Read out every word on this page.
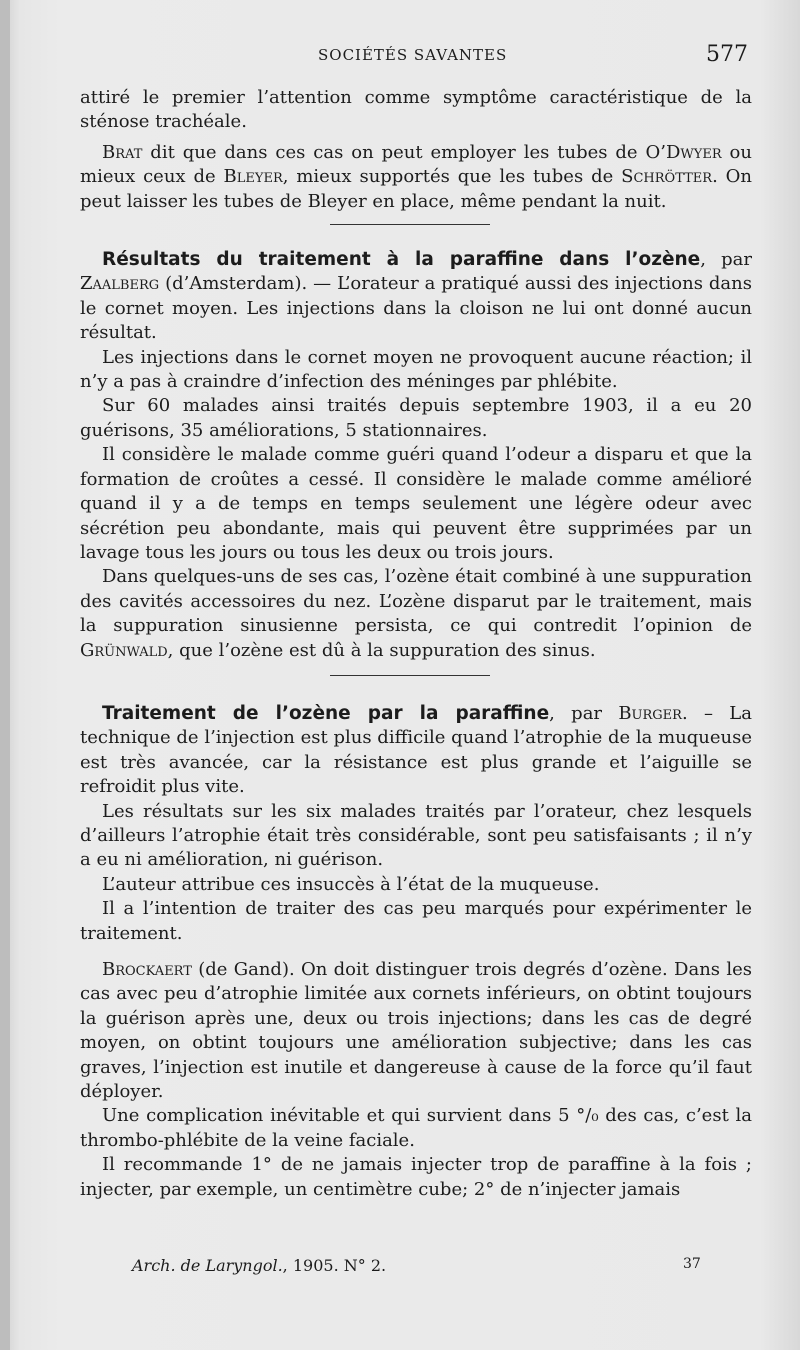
SOCIÉTÉS SAVANTES	577

attiré le premier l’attention comme symptôme caractéristique de la sténose trachéale.

Brat dit que dans ces cas on peut employer les tubes de O’Dwyer ou mieux ceux de Bleyer, mieux supportés que les tubes de Schrötter. On peut laisser les tubes de Bleyer en place, même pendant la nuit.

Résultats du traitement à la paraffine dans l’ozène, par Zaalberg (d’Amsterdam). — L’orateur a pratiqué aussi des injections dans le cornet moyen. Les injections dans la cloison ne lui ont donné aucun résultat.

Les injections dans le cornet moyen ne provoquent aucune réaction; il n’y a pas à craindre d’infection des méninges par phlébite.

Sur 60 malades ainsi traités depuis septembre 1903, il a eu 20 guérisons, 35 améliorations, 5 stationnaires.

Il considère le malade comme guéri quand l’odeur a disparu et que la formation de croûtes a cessé. Il considère le malade comme amélioré quand il y a de temps en temps seulement une légère odeur avec sécrétion peu abondante, mais qui peuvent être supprimées par un lavage tous les jours ou tous les deux ou trois jours.

Dans quelques-uns de ses cas, l’ozène était combiné à une suppuration des cavités accessoires du nez. L’ozène disparut par le traitement, mais la suppuration sinusienne persista, ce qui contredit l’opinion de Grünwald, que l’ozène est dû à la suppuration des sinus.

Traitement de l’ozène par la paraffine, par Burger. – La technique de l’injection est plus difficile quand l’atrophie de la muqueuse est très avancée, car la résistance est plus grande et l’aiguille se refroidit plus vite.

Les résultats sur les six malades traités par l’orateur, chez lesquels d’ailleurs l’atrophie était très considérable, sont peu satisfaisants ; il n’y a eu ni amélioration, ni guérison.

L’auteur attribue ces insuccès à l’état de la muqueuse.

Il a l’intention de traiter des cas peu marqués pour expérimenter le traitement.

Brockaert (de Gand). On doit distinguer trois degrés d’ozène. Dans les cas avec peu d’atrophie limitée aux cornets inférieurs, on obtint toujours la guérison après une, deux ou trois injections; dans les cas de degré moyen, on obtint toujours une amélioration subjective; dans les cas graves, l’injection est inutile et dangereuse à cause de la force qu’il faut déployer.

Une complication inévitable et qui survient dans 5 °/₀ des cas, c’est la thrombo-phlébite de la veine faciale.

Il recommande 1° de ne jamais injecter trop de paraffine à la fois ; injecter, par exemple, un centimètre cube; 2° de n’injecter jamais

Arch. de Laryngol., 1905. N° 2.	37
